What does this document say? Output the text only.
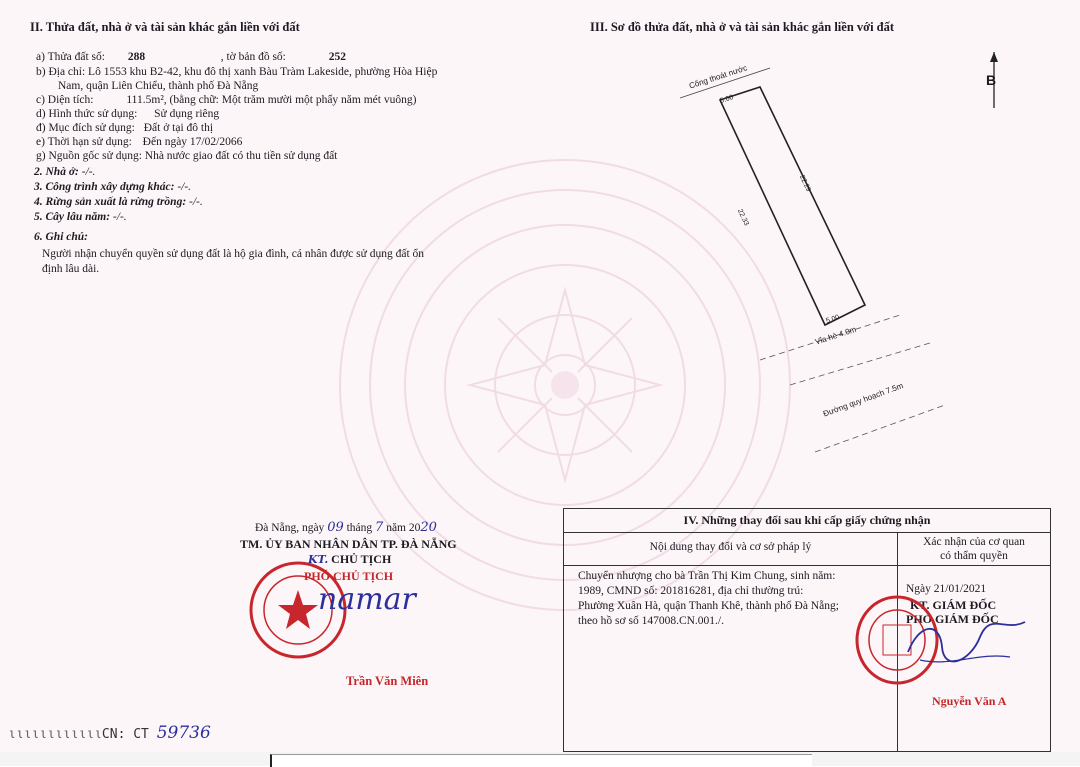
II. Thửa đất, nhà ở và tài sản khác gắn liền với đất
a) Thửa đất số: 288	, tờ bản đồ số:	252
b) Địa chỉ: Lô 1553 khu B2-42, khu đô thị xanh Bàu Tràm Lakeside, phường Hòa Hiệp
Nam, quận Liên Chiểu, thành phố Đà Nẵng
c) Diện tích:	111.5m², (bằng chữ: Một trăm mười một phẩy năm mét vuông)
d) Hình thức sử dụng: Sử dụng riêng
đ) Mục đích sử dụng: Đất ở tại đô thị
e) Thời hạn sử dụng: Đến ngày 17/02/2066
g) Nguồn gốc sử dụng: Nhà nước giao đất có thu tiền sử dụng đất
2. Nhà ở: -/-.
3. Công trình xây dựng khác: -/-.
4. Rừng sản xuất là rừng trồng: -/-.
5. Cây lâu năm: -/-.
6. Ghi chú:
Người nhận chuyển quyền sử dụng đất là hộ gia đình, cá nhân được sử dụng đất ổn
định lâu dài.
III. Sơ đồ thửa đất, nhà ở và tài sản khác gắn liền với đất
B
Cống thoát nước
5.00
22.29
22.33
5.00
Vỉa hè 4.0m
Đường quy hoạch 7.5m
Đà Nẵng, ngày 09 tháng 7 năm 2020
TM. ỦY BAN NHÂN DÂN TP. ĐÀ NẴNG
KT. CHỦ TỊCH
PHÓ CHỦ TỊCH
namar
Trần Văn Miên
IV. Những thay đổi sau khi cấp giấy chứng nhận
Nội dung thay đổi và cơ sở pháp lý	Xác nhận của cơ quan
có thẩm quyền
Chuyển nhượng cho bà Trần Thị Kim Chung, sinh năm:
1989, CMND số: 201816281, địa chỉ thường trú:
Phường Xuân Hà, quận Thanh Khê, thành phố Đà Nẵng;
theo hồ sơ số 147008.CN.001./.
Ngày 21/01/2021
KT. GIÁM ĐỐC
PHÓ GIÁM ĐỐC
Nguyễn Văn A
ιιιιιιιιιιιιCN: CT 59736
